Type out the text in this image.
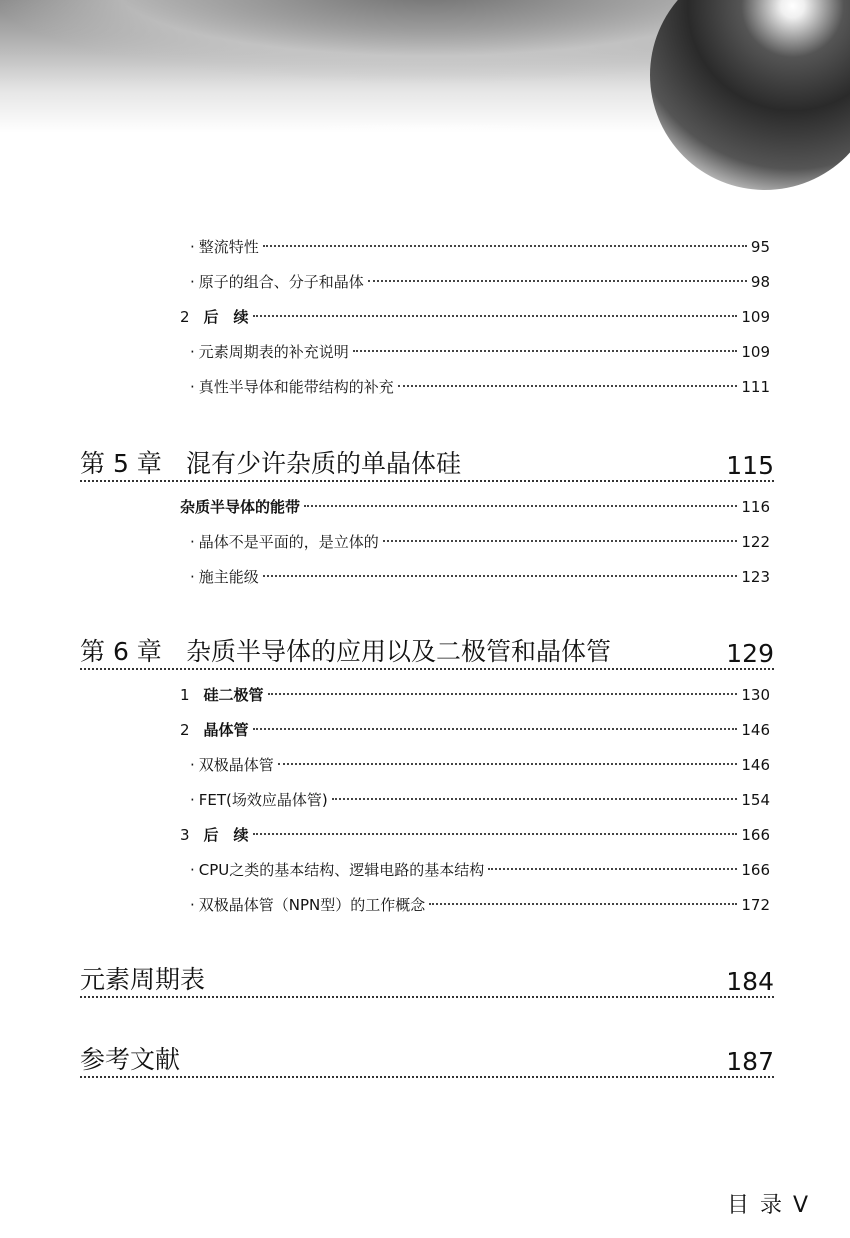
· 整流特性	95
· 原子的组合、分子和晶体	98
2 后　续	109
· 元素周期表的补充说明	109
· 真性半导体和能带结构的补充	111
第 5 章 混有少许杂质的单晶体硅	115
杂质半导体的能带	116
· 晶体不是平面的，是立体的	122
· 施主能级	123
第 6 章 杂质半导体的应用以及二极管和晶体管	129
1 硅二极管	130
2 晶体管	146
· 双极晶体管	146
· FET(场效应晶体管)	154
3 后　续	166
· CPU之类的基本结构、逻辑电路的基本结构	166
· 双极晶体管（NPN型）的工作概念	172
元素周期表	184
参考文献	187
目 录 V
